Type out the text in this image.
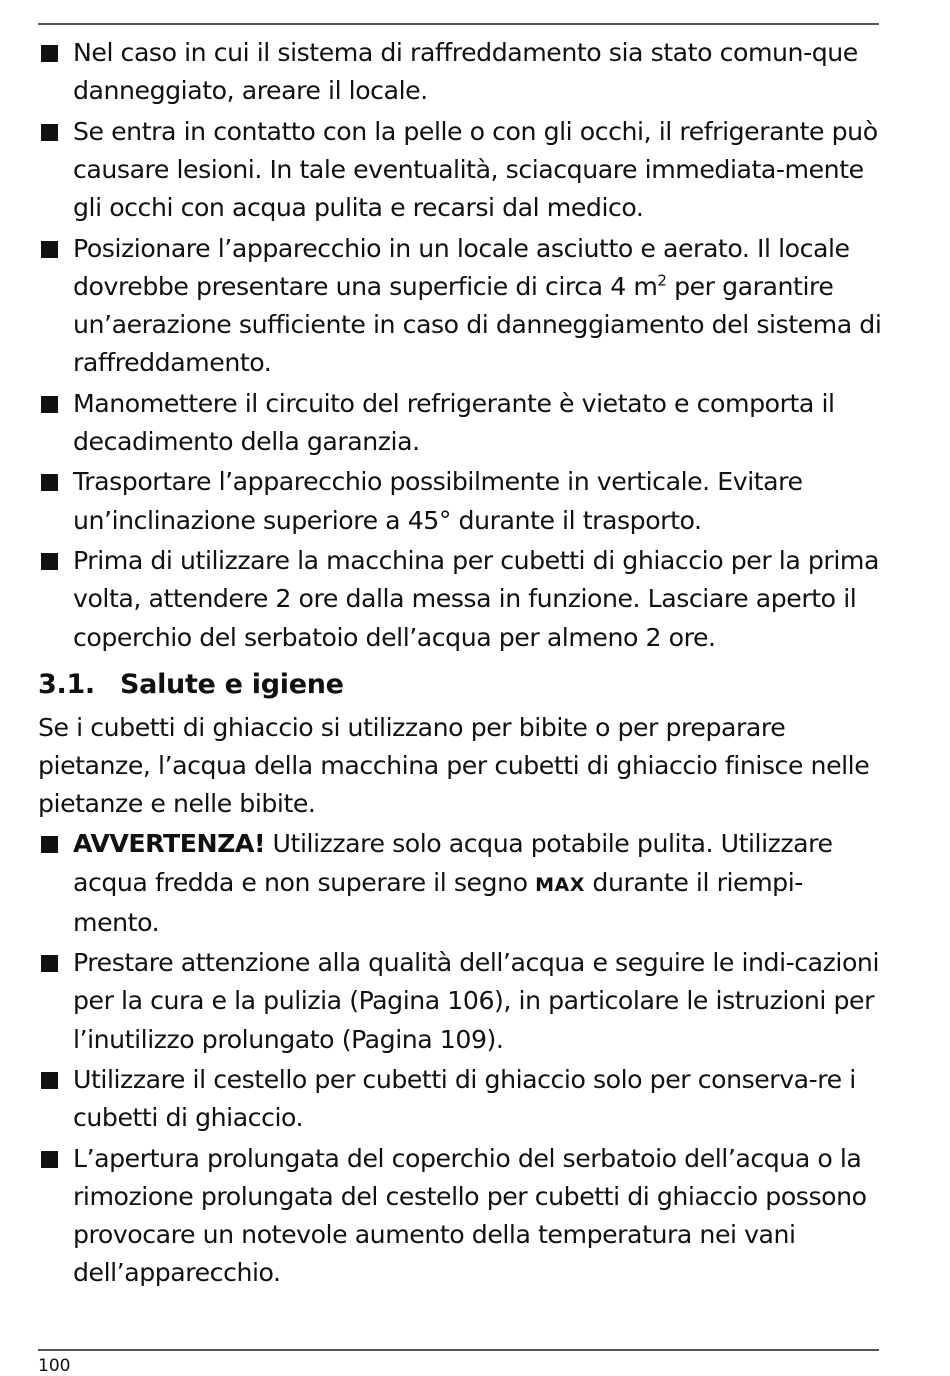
Nel caso in cui il sistema di raffreddamento sia stato comun-que danneggiato, areare il locale.
Se entra in contatto con la pelle o con gli occhi, il refrigerante può causare lesioni. In tale eventualità, sciacquare immediata-mente gli occhi con acqua pulita e recarsi dal medico.
Posizionare l’apparecchio in un locale asciutto e aerato. Il locale dovrebbe presentare una superficie di circa 4 $m^2$ per garantire un’aerazione sufficiente in caso di danneggiamento del sistema di raffreddamento.
Manomettere il circuito del refrigerante è vietato e comporta il decadimento della garanzia.
Trasportare l’apparecchio possibilmente in verticale. Evitare un’inclinazione superiore a 45° durante il trasporto.
Prima di utilizzare la macchina per cubetti di ghiaccio per la prima volta, attendere 2 ore dalla messa in funzione. Lasciare aperto il coperchio del serbatoio dell’acqua per almeno 2 ore.
3.1. Salute e igiene

Se i cubetti di ghiaccio si utilizzano per bibite o per preparare pietanze, l’acqua della macchina per cubetti di ghiaccio finisce nelle pietanze e nelle bibite.

AVVERTENZA! Utilizzare solo acqua potabile pulita. Utilizzare acqua fredda e non superare il segno MAX durante il riempi-mento.
Prestare attenzione alla qualità dell’acqua e seguire le indi-cazioni per la cura e la pulizia (Pagina 106), in particolare le istruzioni per l’inutilizzo prolungato (Pagina 109).
Utilizzare il cestello per cubetti di ghiaccio solo per conserva-re i cubetti di ghiaccio.
L’apertura prolungata del coperchio del serbatoio dell’acqua o la rimozione prolungata del cestello per cubetti di ghiaccio possono provocare un notevole aumento della temperatura nei vani dell’apparecchio.
100
